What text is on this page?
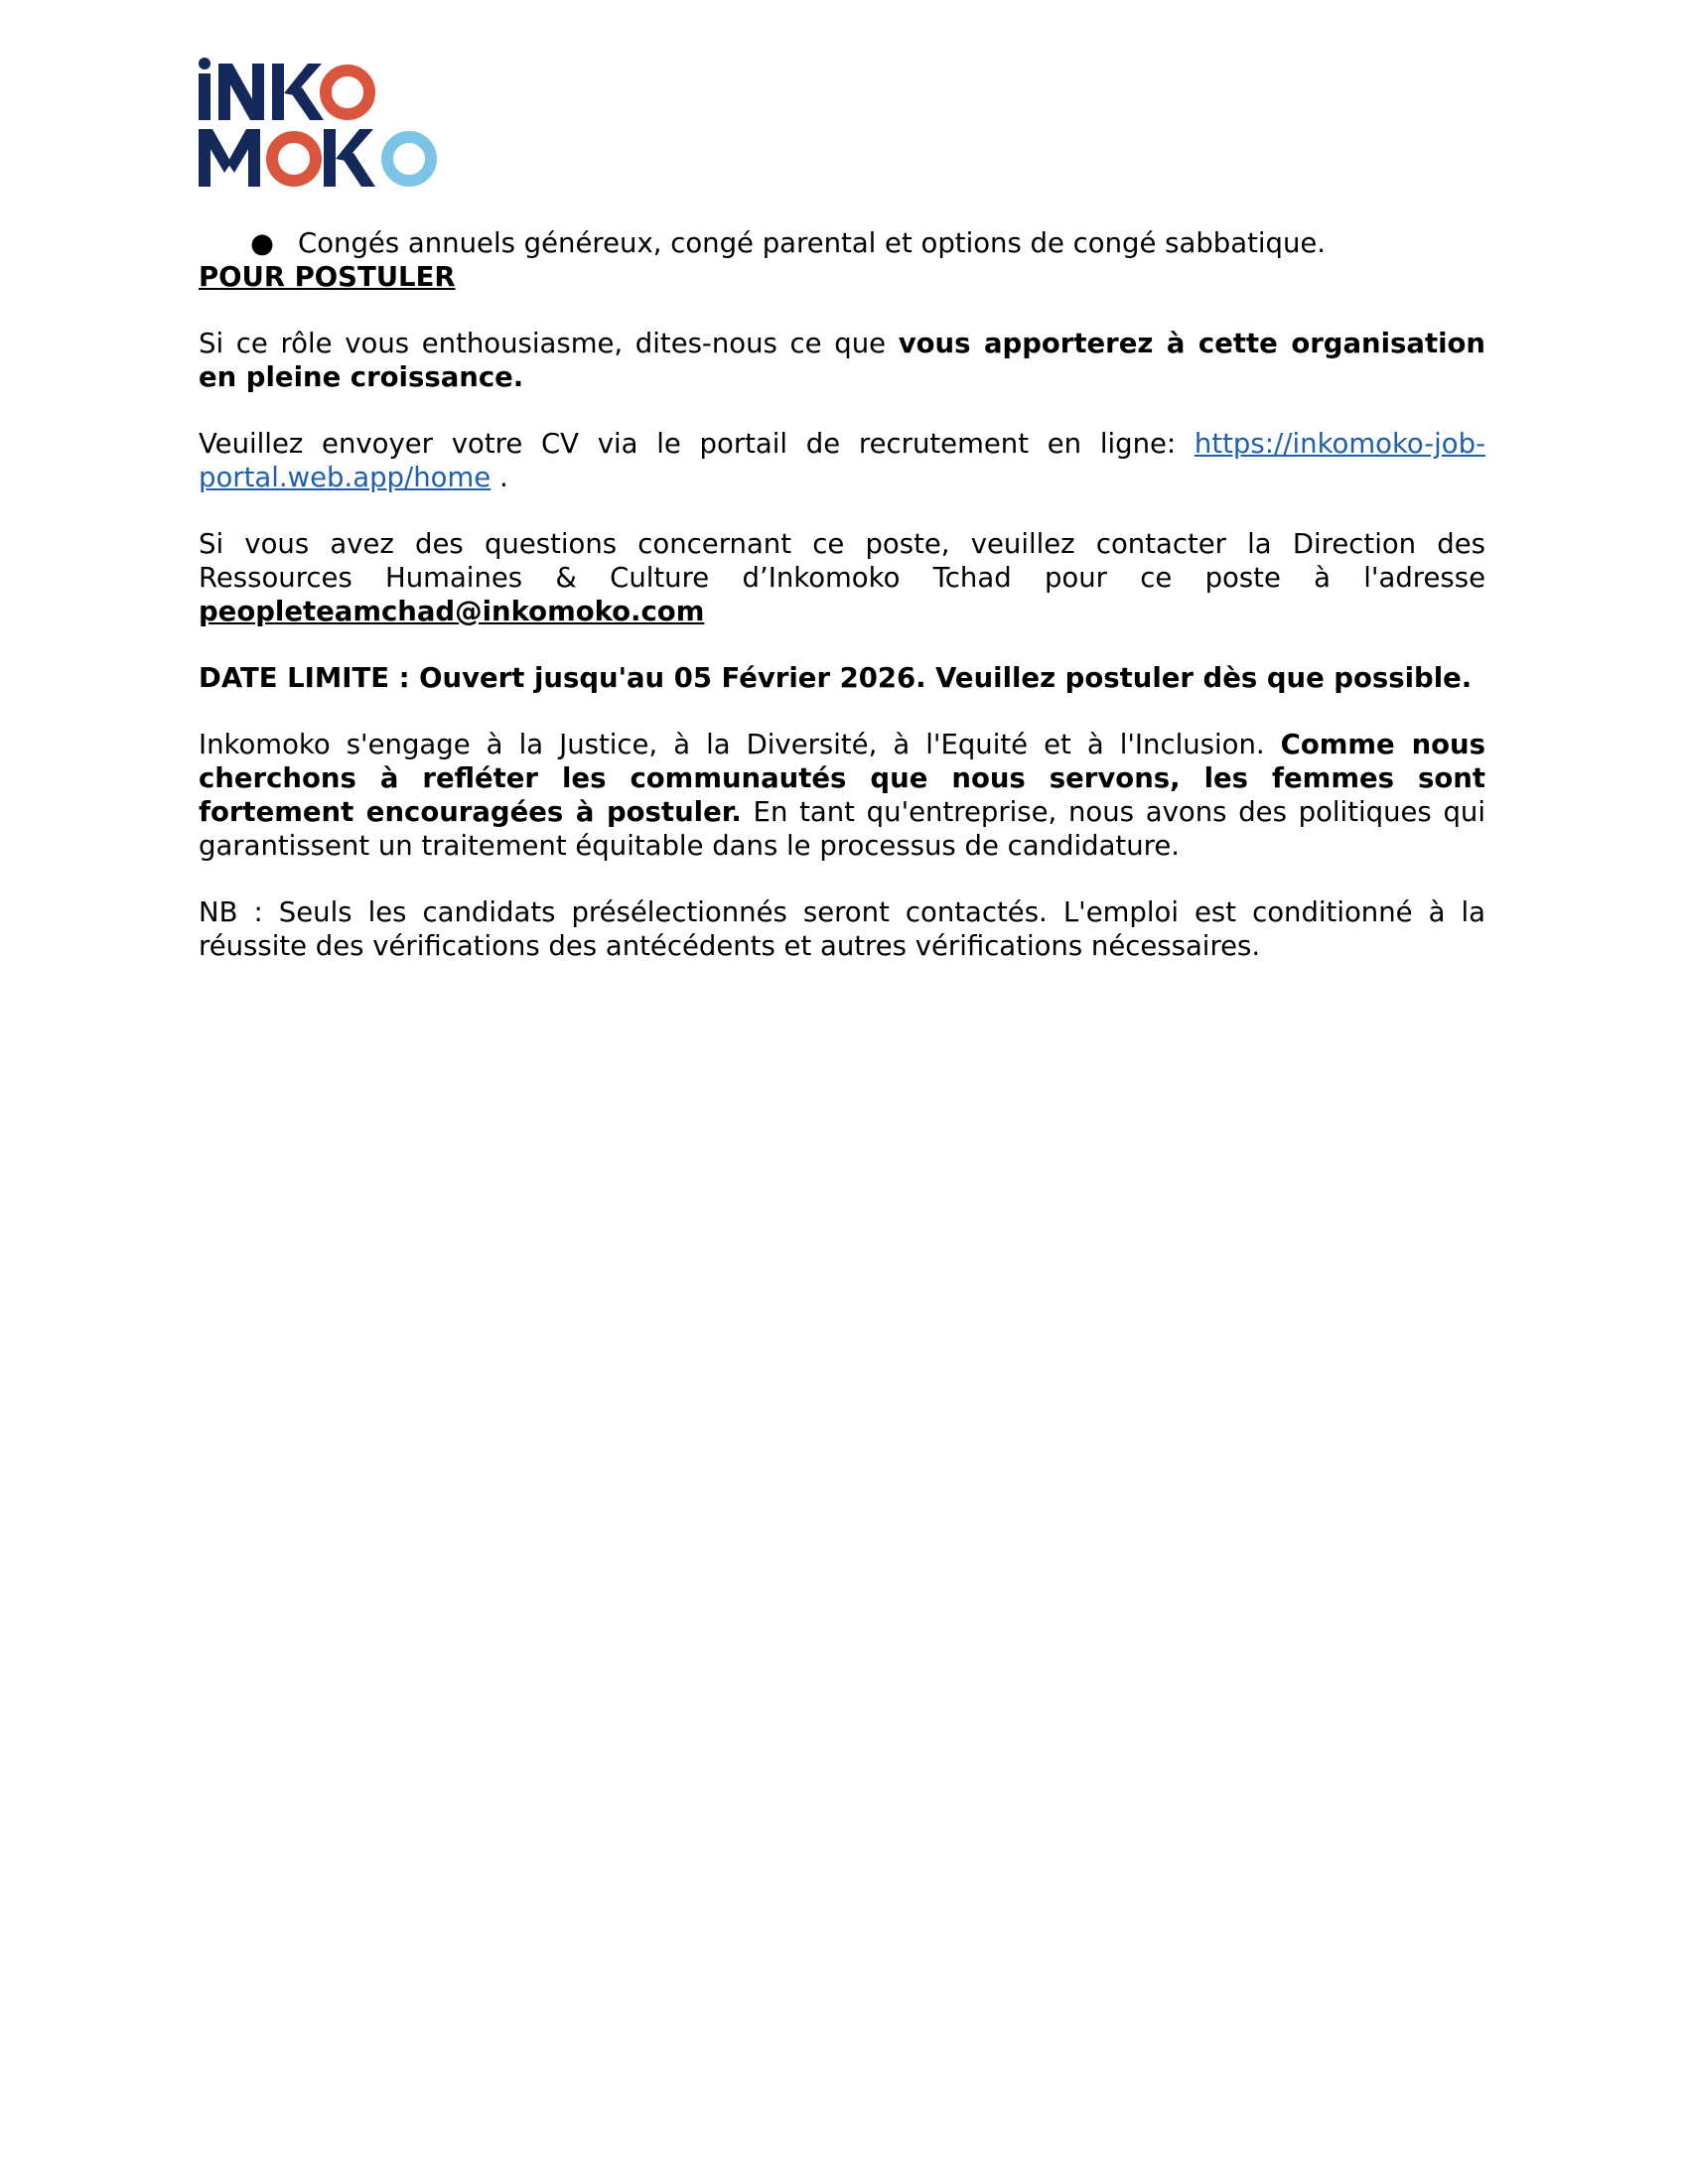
● Congés annuels généreux, congé parental et options de congé sabbatique.

POUR POSTULER

Si ce rôle vous enthousiasme, dites-nous ce que vous apporterez à cette organisation en pleine croissance.

Veuillez envoyer votre CV via le portail de recrutement en ligne: https://inkomoko-job-portal.web.app/home .

Si vous avez des questions concernant ce poste, veuillez contacter la Direction des Ressources Humaines & Culture d’Inkomoko Tchad pour ce poste à l'adresse peopleteamchad@inkomoko.com

DATE LIMITE : Ouvert jusqu'au 05 Février 2026. Veuillez postuler dès que possible.

Inkomoko s'engage à la Justice, à la Diversité, à l'Equité et à l'Inclusion. Comme nous cherchons à refléter les communautés que nous servons, les femmes sont fortement encouragées à postuler. En tant qu'entreprise, nous avons des politiques qui garantissent un traitement équitable dans le processus de candidature.

NB : Seuls les candidats présélectionnés seront contactés. L'emploi est conditionné à la réussite des vérifications des antécédents et autres vérifications nécessaires.
